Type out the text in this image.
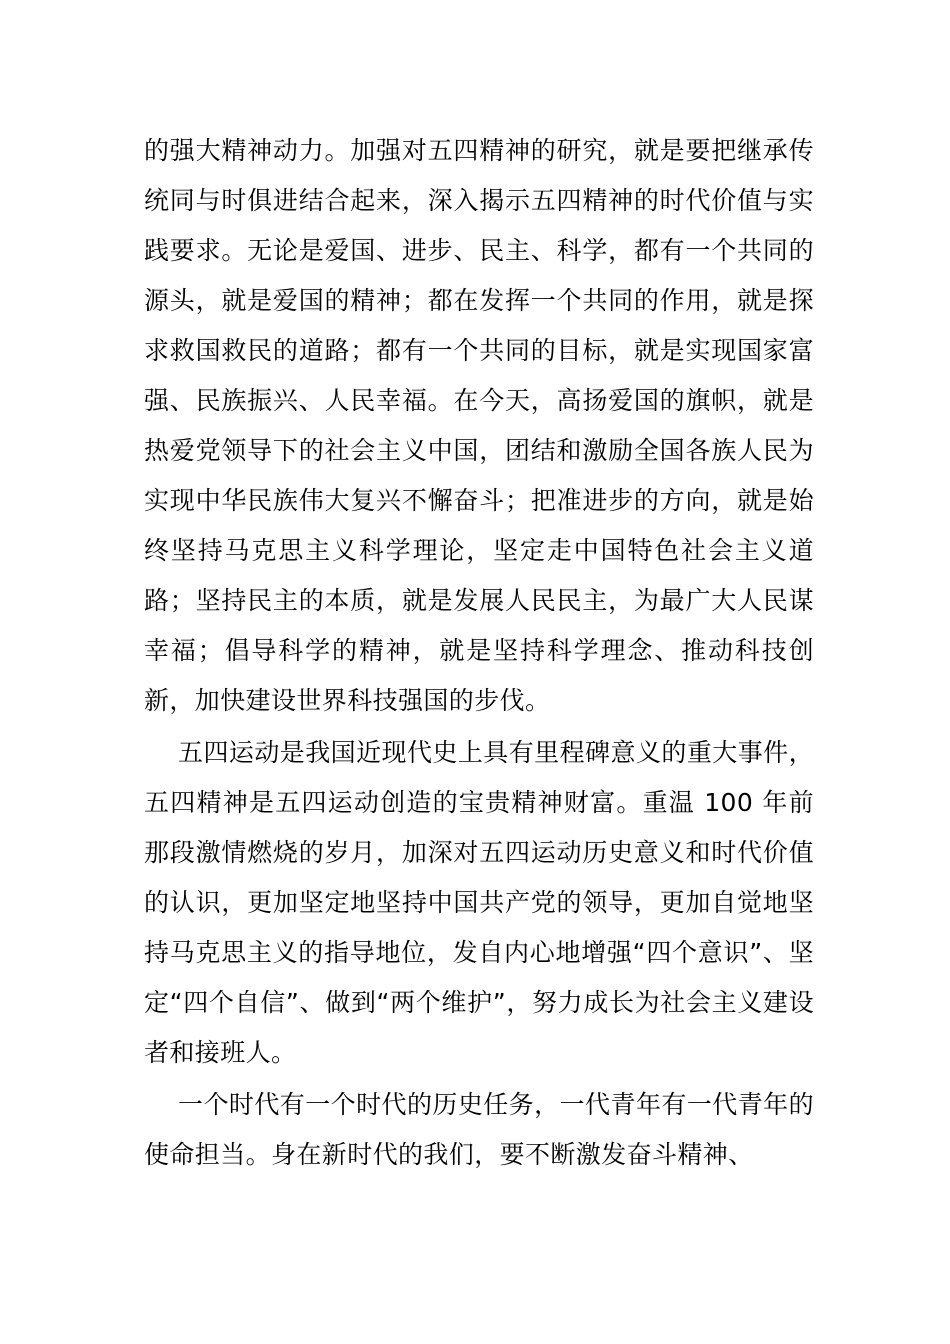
的强大精神动力。加强对五四精神的研究，就是要把继承传统同与时俱进结合起来，深入揭示五四精神的时代价值与实践要求。无论是爱国、进步、民主、科学，都有一个共同的源头，就是爱国的精神；都在发挥一个共同的作用，就是探求救国救民的道路；都有一个共同的目标，就是实现国家富强、民族振兴、人民幸福。在今天，高扬爱国的旗帜，就是热爱党领导下的社会主义中国，团结和激励全国各族人民为实现中华民族伟大复兴不懈奋斗；把准进步的方向，就是始终坚持马克思主义科学理论，坚定走中国特色社会主义道路；坚持民主的本质，就是发展人民民主，为最广大人民谋幸福；倡导科学的精神，就是坚持科学理念、推动科技创新，加快建设世界科技强国的步伐。

五四运动是我国近现代史上具有里程碑意义的重大事件，五四精神是五四运动创造的宝贵精神财富。重温 100 年前那段激情燃烧的岁月，加深对五四运动历史意义和时代价值的认识，更加坚定地坚持中国共产党的领导，更加自觉地坚持马克思主义的指导地位，发自内心地增强“四个意识”、坚定“四个自信”、做到“两个维护”，努力成长为社会主义建设者和接班人。

一个时代有一个时代的历史任务，一代青年有一代青年的使命担当。身在新时代的我们，要不断激发奋斗精神、
